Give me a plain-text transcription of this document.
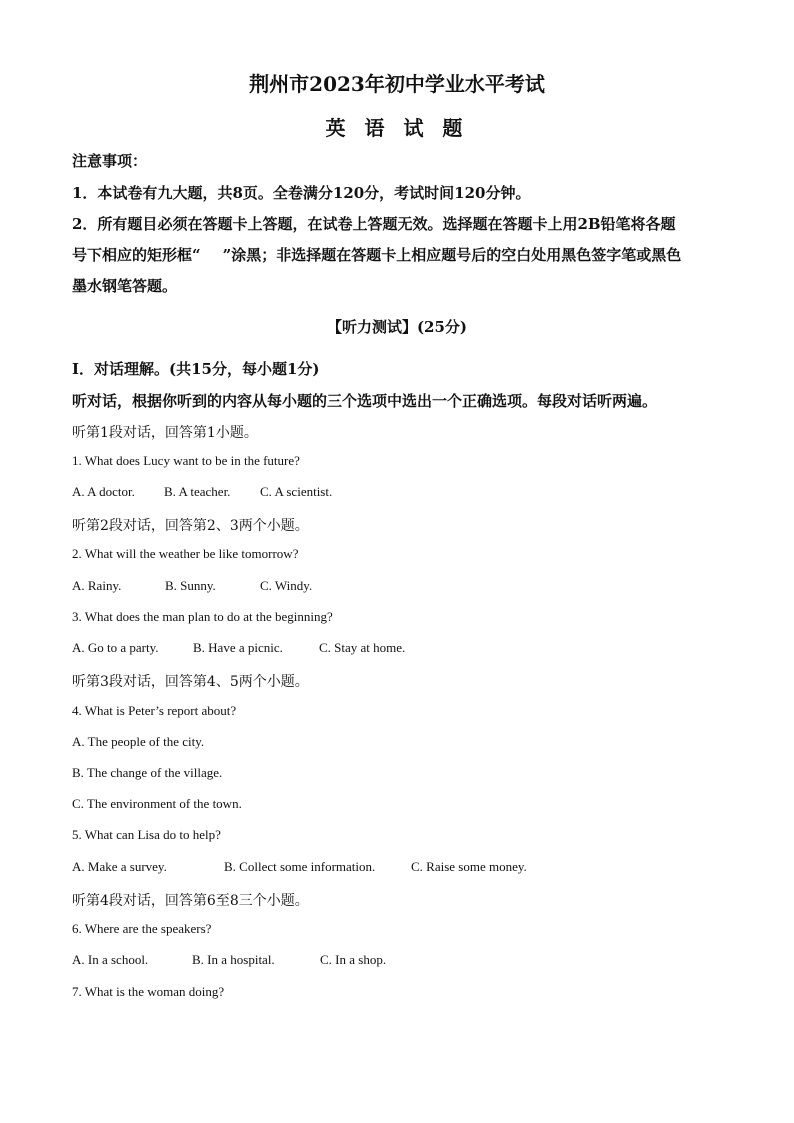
荆州市2023年初中学业水平考试
英 语 试 题
注意事项：
1．本试卷有九大题，共8页。全卷满分120分，考试时间120分钟。
2．所有题目必须在答题卡上答题，在试卷上答题无效。选择题在答题卡上用2B铅笔将各题
号下相应的矩形框“ ”涂黑；非选择题在答题卡上相应题号后的空白处用黑色签字笔或黑色
墨水钢笔答题。
【听力测试】(25分)
Ⅰ．对话理解。(共15分，每小题1分)
听对话，根据你听到的内容从每小题的三个选项中选出一个正确选项。每段对话听两遍。
听第1段对话，回答第1小题。
1. What does Lucy want to be in the future?
A. A doctor. B. A teacher. C. A scientist.
听第2段对话，回答第2、3两个小题。
2. What will the weather be like tomorrow?
A. Rainy.	B. Sunny.	C. Windy.
3. What does the man plan to do at the beginning?
A. Go to a party.	B. Have a picnic.	C. Stay at home.
听第3段对话，回答第4、5两个小题。
4. What is Peter’s report about?
A. The people of the city.
B. The change of the village.
C. The environment of the town.
5. What can Lisa do to help?
A. Make a survey.	B. Collect some information.	C. Raise some money.
听第4段对话，回答第6至8三个小题。
6. Where are the speakers?
A. In a school.	B. In a hospital.	C. In a shop.
7. What is the woman doing?
